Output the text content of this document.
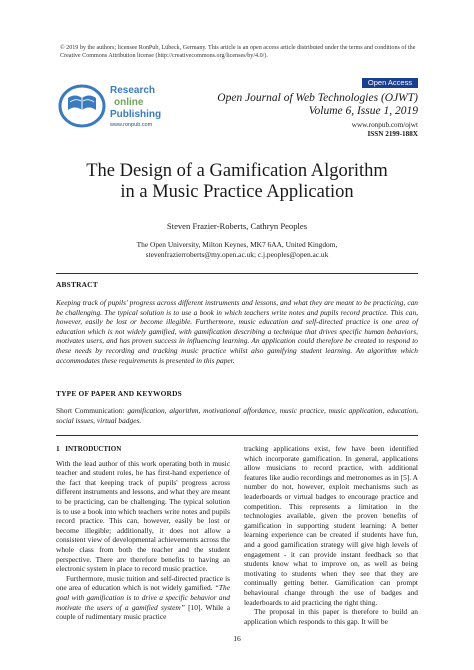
© 2019 by the authors; licensee RonPub, Lübeck, Germany. This article is an open access article distributed under the terms and conditions of the Creative Commons Attribution license (http://creativecommons.org/licenses/by/4.0/).
Research
online
Publishing
www.ronpub.com
Open Access
Open Journal of Web Technologies (OJWT)
Volume 6, Issue 1, 2019
www.ronpub.com/ojwt
ISSN 2199-188X
The Design of a Gamification Algorithm
in a Music Practice Application
Steven Frazier-Roberts, Cathryn Peoples
The Open University, Milton Keynes, MK7 6AA, United Kingdom,
stevenfrazierroberts@my.open.ac.uk; c.j.peoples@open.ac.uk
ABSTRACT
Keeping track of pupils' progress across different instruments and lessons, and what they are meant to be practicing, can be challenging. The typical solution is to use a book in which teachers write notes and pupils record practice. This can, however, easily be lost or become illegible. Furthermore, music education and self-directed practice is one area of education which is not widely gamified, with gamification describing a technique that drives specific human behaviors, motivates users, and has proven success in influencing learning. An application could therefore be created to respond to these needs by recording and tracking music practice whilst also gamifying student learning. An algorithm which accommodates these requirements is presented in this paper.
TYPE OF PAPER AND KEYWORDS
Short Communication: gamification, algorithm, motivational affordance, music practice, music application, education, social issues, virtual badges.

1 INTRODUCTION

With the lead author of this work operating both in music teacher and student roles, he has first-hand experience of the fact that keeping track of pupils' progress across different instruments and lessons, and what they are meant to be practicing, can be challenging. The typical solution is to use a book into which teachers write notes and pupils record practice. This can, however, easily be lost or become illegible; additionally, it does not allow a consistent view of developmental achievements across the whole class from both the teacher and the student perspective. There are therefore benefits to having an electronic system in place to record music practice.

Furthermore, music tuition and self-directed practice is one area of education which is not widely gamified. “The goal with gamification is to drive a specific behavior and motivate the users of a gamified system” [10]. While a couple of rudimentary music practice

tracking applications exist, few have been identified which incorporate gamification. In general, applications allow musicians to record practice, with additional features like audio recordings and metronomes as in [5]. A number do not, however, exploit mechanisms such as leaderboards or virtual badges to encourage practice and competition. This represents a limitation in the technologies available, given the proven benefits of gamification in supporting student learning: A better learning experience can be created if students have fun, and a good gamification strategy will give high levels of engagement - it can provide instant feedback so that students know what to improve on, as well as being motivating to students when they see that they are continually getting better. Gamification can prompt behavioural change through the use of badges and leaderboards to aid practicing the right thing.

The proposal in this paper is therefore to build an application which responds to this gap. It will be

16
